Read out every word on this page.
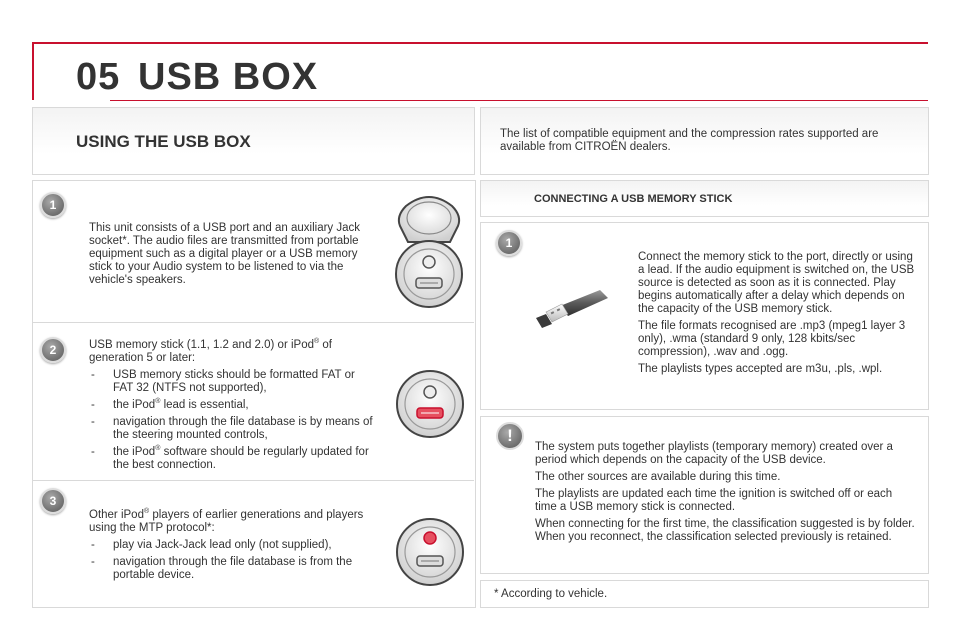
05 USB BOX
USING THE USB BOX	The list of compatible equipment and the compression rates supported are available from CITROËN dealers.
1
This unit consists of a USB port and an auxiliary Jack socket*. The audio files are transmitted from portable equipment such as a digital player or a USB memory stick to your Audio system to be listened to via the vehicle's speakers.
2	USB memory stick (1.1, 1.2 and 2.0) or iPod® of generation 5 or later:

- USB memory sticks should be formatted FAT or FAT 32 (NTFS not supported),
- the iPod® lead is essential,
- navigation through the file database is by means of the steering mounted controls,
- the iPod® software should be regularly updated for the best connection.
3

Other iPod® players of earlier generations and players using the MTP protocol*:

- play via Jack-Jack lead only (not supplied),
- navigation through the file database is from the portable device.
CONNECTING A USB MEMORY STICK
1

Connect the memory stick to the port, directly or using a lead. If the audio equipment is switched on, the USB source is detected as soon as it is connected. Play begins automatically after a delay which depends on the capacity of the USB memory stick.

The file formats recognised are .mp3 (mpeg1 layer 3 only), .wma (standard 9 only, 128 kbits/sec compression), .wav and .ogg.

The playlists types accepted are m3u, .pls, .wpl.

!

The system puts together playlists (temporary memory) created over a period which depends on the capacity of the USB device.

The other sources are available during this time.

The playlists are updated each time the ignition is switched off or each time a USB memory stick is connected.

When connecting for the first time, the classification suggested is by folder. When you reconnect, the classification selected previously is retained.

* According to vehicle.
